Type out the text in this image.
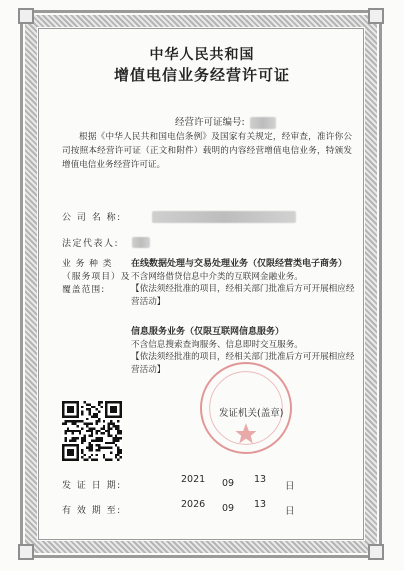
中华人民共和国
增值电信业务经营许可证
经营许可证编号:
根据《中华人民共和国电信条例》及国家有关规定，经审查，准许你公司按照本经营许可证（正文和附件）载明的内容经营增值电信业务，特颁发增值电信业务经营许可证。
公 司 名 称:
法定代表人:
业 务 种 类（服务项目）及覆盖范围:
在线数据处理与交易处理业务（仅限经营类电子商务）
不含网络借贷信息中介类的互联网金融业务。
【依法须经批准的项目，经相关部门批准后方可开展相应经营活动】
信息服务业务（仅限互联网信息服务）
不含信息搜索查询服务、信息即时交互服务。
【依法须经批准的项目，经相关部门批准后方可开展相应经营活动】
发证机关(盖章)
发 证 日 期:
2021 09 13
日
有 效 期 至:
2026 09 13
日
